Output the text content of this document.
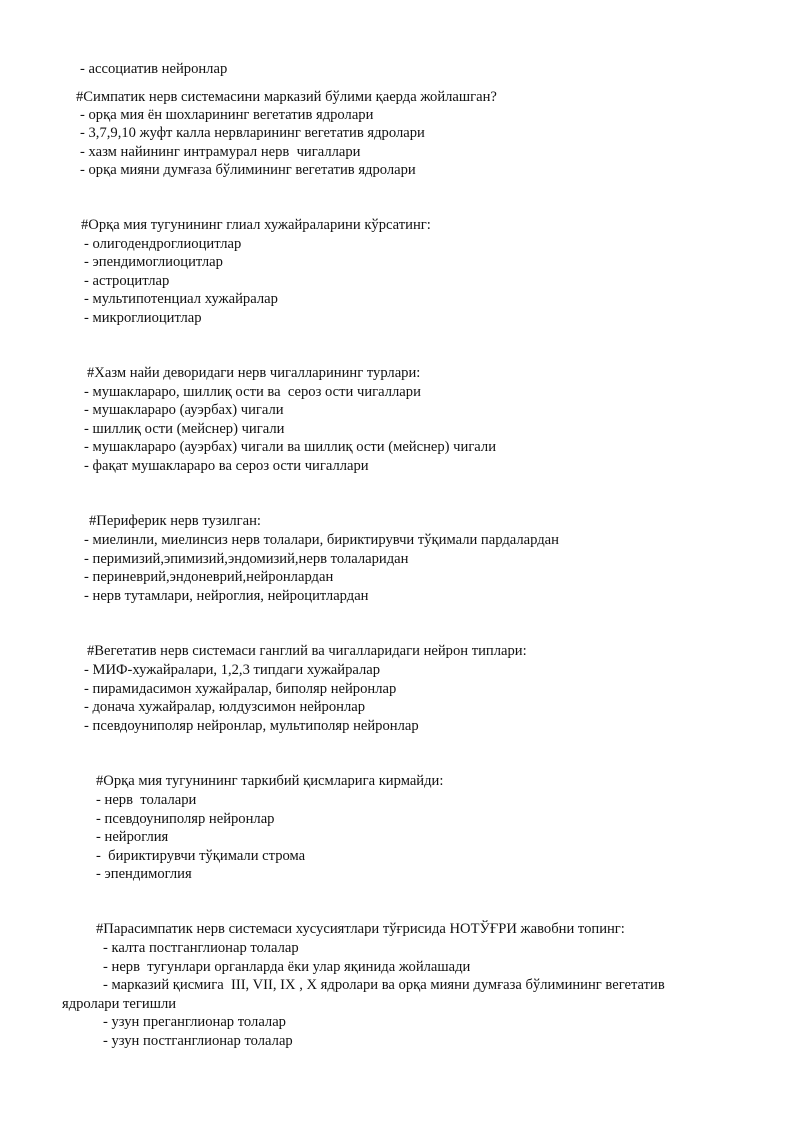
- ассоциатив нейронлар
#Симпатик нерв системасини марказий бўлими қаерда жойлашган?
- орқа мия ён шохларининг вегетатив ядролари
- 3,7,9,10 жуфт калла нервларининг вегетатив ядролари
- хазм найининг интрамурал нерв  чигаллари
- орқа мияни думғаза бўлимининг вегетатив ядролари
#Орқа мия тугунининг глиал хужайраларини кўрсатинг:
- олигодендроглиоцитлар
- эпендимоглиоцитлар
- астроцитлар
- мультипотенциал хужайралар
- микроглиоцитлар
#Хазм найи деворидаги нерв чигалларининг турлари:
- мушакларaро, шиллиқ ости ва  сероз ости чигаллари
- мушакларaро (ауэрбах) чигали
- шиллиқ ости (мейснер) чигали
- мушакларaро (ауэрбах) чигали ва шиллиқ ости (мейснер) чигали
- фақат мушакларaро ва сероз ости чигаллари
#Периферик нерв тузилган:
- миелинли, миелинсиз нерв толалари, бириктирувчи тўқимали пардалардан
- перимизий,эпимизий,эндомизий,нерв толаларидан
- периневрий,эндоневрий,нейронлардан
- нерв тутамлари, нейроглия, нейроцитлардан
#Вегетатив нерв системаси ганглий ва чигалларидаги нейрон типлари:
- МИФ-хужайралари, 1,2,3 типдаги хужайралар
- пирамидасимон хужайралар, биполяр нейронлар
- донача хужайралар, юлдузсимон нейронлар
- псевдоуниполяр нейронлар, мультиполяр нейронлар
#Орқа мия тугунининг таркибий қисмларига кирмайди:
- нерв  толалари
- псевдоуниполяр нейронлар
- нейроглия
-  бириктирувчи тўқимали строма
- эпендимоглия
#Парасимпатик нерв системаси хусусиятлари тўғрисида НОТЎҒРИ жавобни топинг:
- калта постганглионар толалар
- нерв  тугунлари органларда ёки улар яқинида жойлашади
- марказий қисмига  III, VII, IX , X ядролари ва орқа мияни думғаза бўлимининг вегетатив
ядролари тегишли
- узун преганглионар толалар
- узун постганглионар толалар
